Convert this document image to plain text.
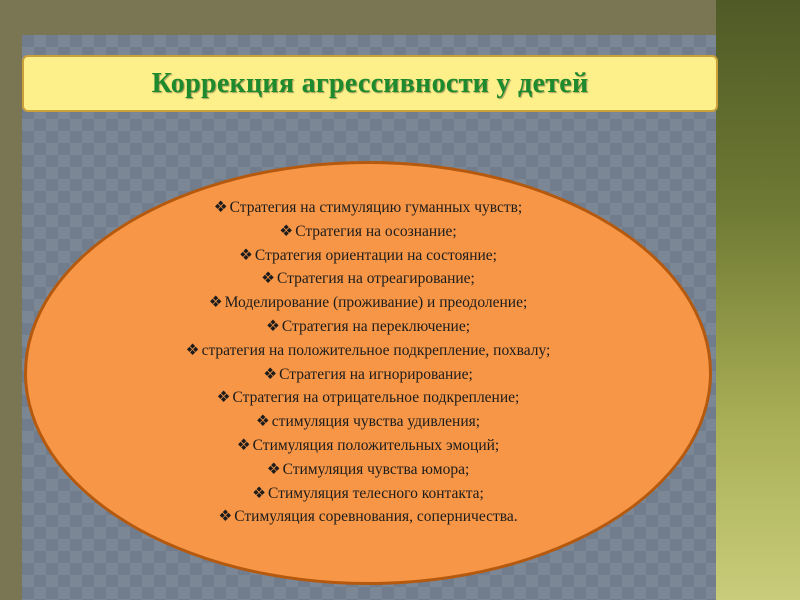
Коррекция агрессивности у детей
❖ Стратегия на стимуляцию гуманных чувств;
❖ Стратегия на осознание;
❖ Стратегия ориентации на состояние;
❖ Стратегия на отреагирование;
❖ Моделирование (проживание) и преодоление;
❖ Стратегия на переключение;
❖ стратегия на положительное подкрепление, похвалу;
❖ Стратегия на игнорирование;
❖ Стратегия на отрицательное подкрепление;
❖ стимуляция чувства удивления;
❖ Стимуляция положительных эмоций;
❖ Стимуляция чувства юмора;
❖ Стимуляция телесного контакта;
❖ Стимуляция соревнования, соперничества.
